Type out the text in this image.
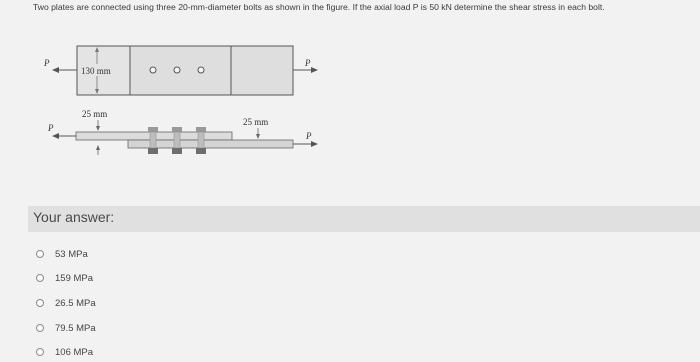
Two plates are connected using three 20-mm-diameter bolts as shown in the figure. If the axial load P is 50 kN determine the shear stress in each bolt.
P
130 mm
P
25 mm
25 mm
P
P
Your answer:
53 MPa
159 MPa
26.5 MPa
79.5 MPa
106 MPa
